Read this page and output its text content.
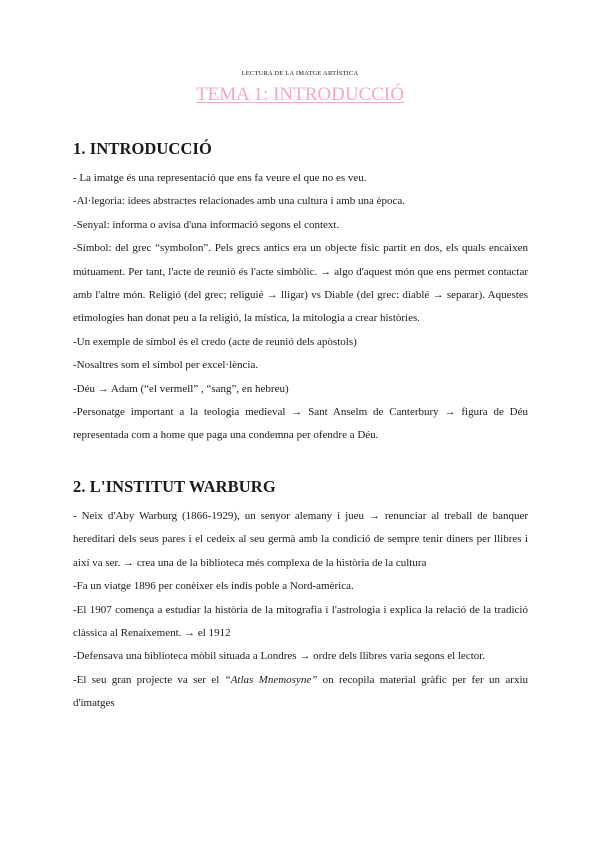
LECTURA DE LA IMATGE ARTÍSTICA
TEMA 1: INTRODUCCIÓ
1. INTRODUCCIÓ

- La imatge és una representació que ens fa veure el que no es veu.

-Al·legoria: idees abstractes relacionades amb una cultura i amb una època.

-Senyal: informa o avisa d'una informació segons el context.

-Símbol: del grec “symbolon”. Pels grecs antics era un objecte físic partit en dos, els quals encaixen mútuament. Per tant, l'acte de reunió és l'acte simbòlic. → algo d'aquest món que ens permet contactar amb l'altre món. Religió (del grec; religuié → lligar) vs Diable (del grec: diablé → separar). Aquestes etimologies han donat peu a la religió, la mística, la mitologia a crear històries.

-Un exemple de símbol és el credo (acte de reunió dels apòstols)

-Nosaltres som el símbol per excel·lència.

-Déu → Adam (“el vermell” , “sang”, en hebreu)

-Personatge important a la teologia medieval → Sant Anselm de Canterbury → figura de Déu representada com a home que paga una condemna per ofendre a Déu.

2. L'INSTITUT WARBURG

- Neix d'Aby Warburg (1866-1929), un senyor alemany i jueu → renunciar al treball de banquer hereditari dels seus pares i el cedeix al seu germà amb la condició de sempre tenir diners per llibres i així va ser. → crea una de la biblioteca més complexa de la història de la cultura

-Fa un viatge 1896 per conèixer els indis poble a Nord-amèrica.

-El 1907 comença a estudiar la història de la mitografia i l'astrologia i explica la relació de la tradició clàssica al Renaixement. → el 1912

-Defensava una biblioteca mòbil situada a Londres → ordre dels llibres varia segons el lector.

-El seu gran projecte va ser el “Atlas Mnemosyne” on recopila material gràfic per fer un arxiu d'imatges
